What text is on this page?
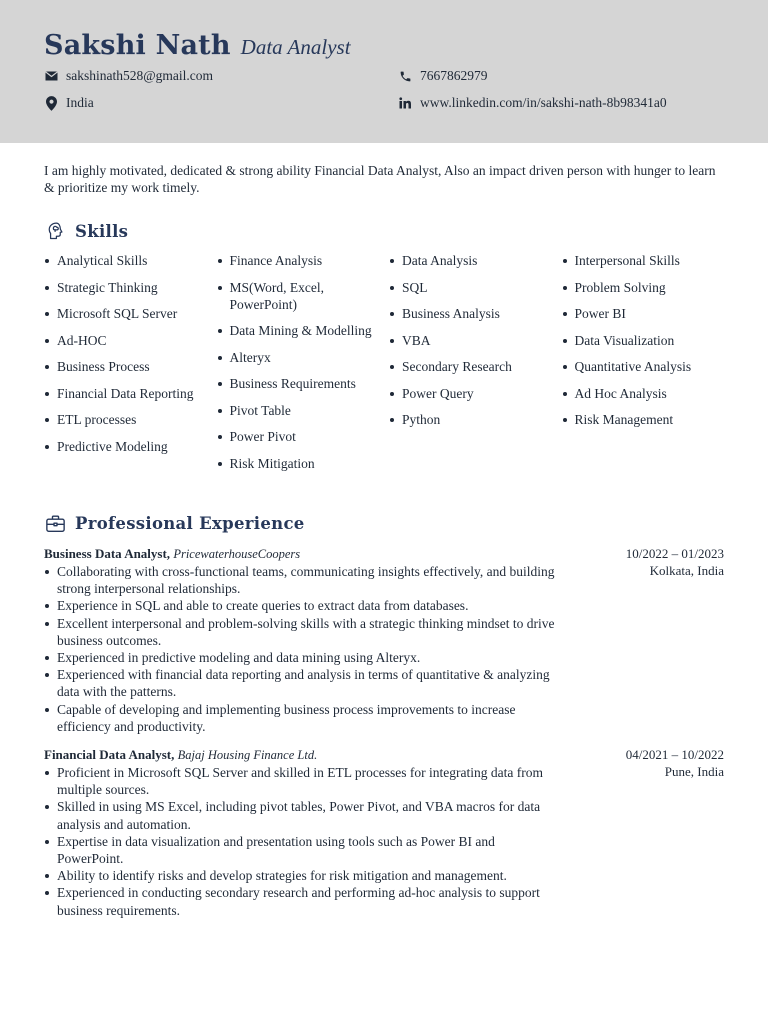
Sakshi Nath Data Analyst
sakshinath528@gmail.com	7667862979
India	www.linkedin.com/in/sakshi-nath-8b98341a0

I am highly motivated, dedicated & strong ability Financial Data Analyst, Also an impact driven person with hunger to learn & prioritize my work timely.

Skills
Analytical Skills
Strategic Thinking
Microsoft SQL Server
Ad-HOC
Business Process
Financial Data Reporting
ETL processes
Predictive Modeling
Finance Analysis
MS(Word, Excel, PowerPoint)
Data Mining & Modelling
Alteryx
Business Requirements
Pivot Table
Power Pivot
Risk Mitigation
Data Analysis
SQL
Business Analysis
VBA
Secondary Research
Power Query
Python
Interpersonal Skills
Problem Solving
Power BI
Data Visualization
Quantitative Analysis
Ad Hoc Analysis
Risk Management
Professional Experience
Business Data Analyst, PricewaterhouseCoopers	10/2022 – 01/2023
Kolkata, India
Collaborating with cross-functional teams, communicating insights effectively, and building strong interpersonal relationships.
Experience in SQL and able to create queries to extract data from databases.
Excellent interpersonal and problem-solving skills with a strategic thinking mindset to drive business outcomes.
Experienced in predictive modeling and data mining using Alteryx.
Experienced with financial data reporting and analysis in terms of quantitative & analyzing data with the patterns.
Capable of developing and implementing business process improvements to increase efficiency and productivity.
Financial Data Analyst, Bajaj Housing Finance Ltd.	04/2021 – 10/2022
Pune, India
Proficient in Microsoft SQL Server and skilled in ETL processes for integrating data from multiple sources.
Skilled in using MS Excel, including pivot tables, Power Pivot, and VBA macros for data analysis and automation.
Expertise in data visualization and presentation using tools such as Power BI and PowerPoint.
Ability to identify risks and develop strategies for risk mitigation and management.
Experienced in conducting secondary research and performing ad-hoc analysis to support business requirements.
